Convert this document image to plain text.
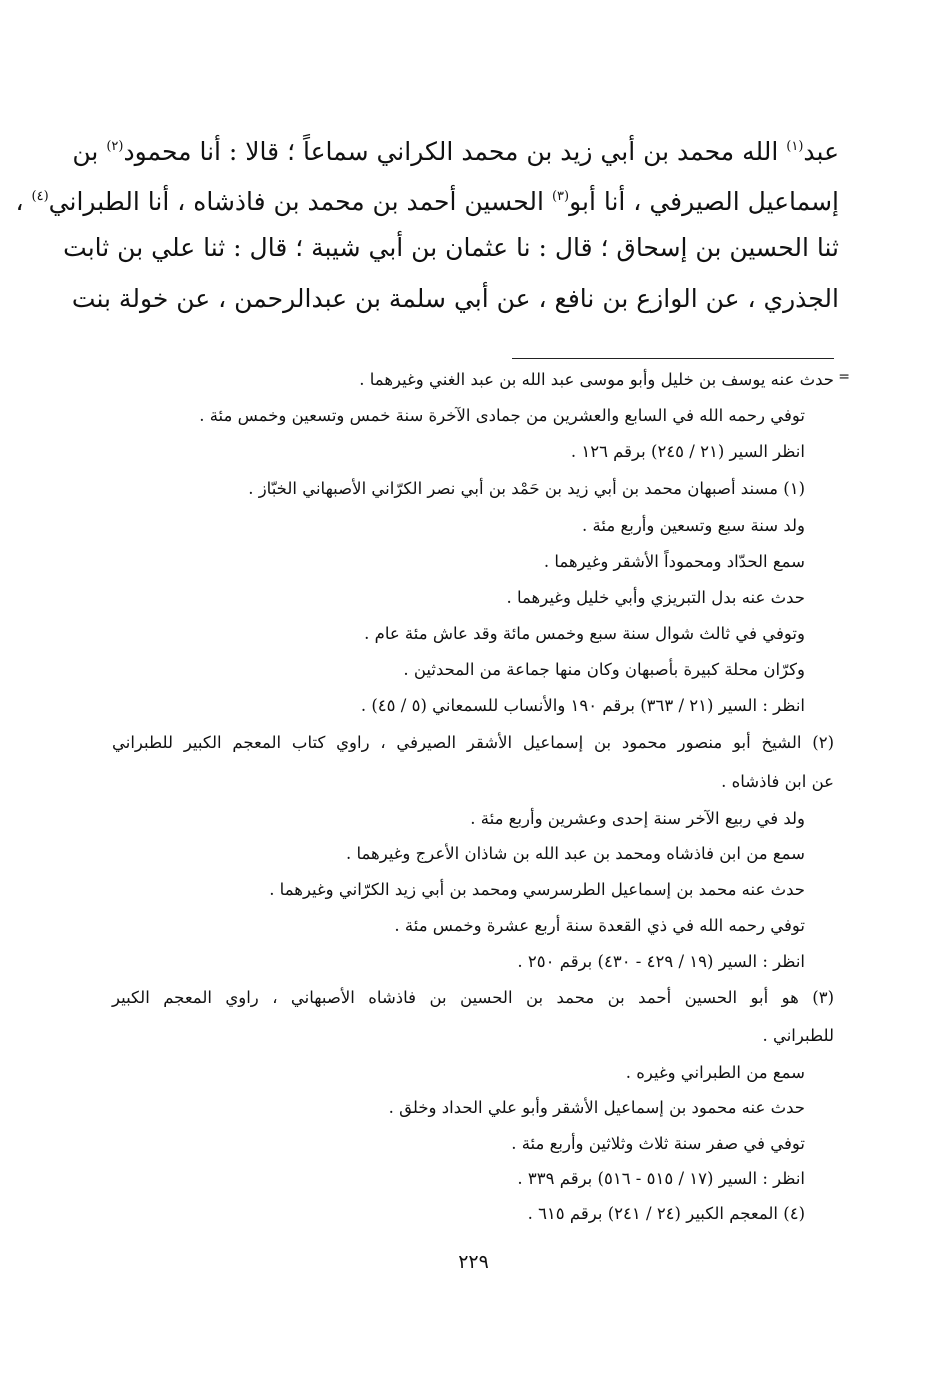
عبد$^{(١)}$ الله محمد بن أبي زيد بن محمد الكراني سماعاً ؛ قالا : أنا محمود$^{(٢)}$ بن
إسماعيل الصيرفي ، أنا أبو$^{(٣)}$ الحسين أحمد بن محمد بن فاذشاه ، أنا الطبراني$^{(٤)}$ ،
ثنا الحسين بن إسحاق ؛ قال : نا عثمان بن أبي شيبة ؛ قال : ثنا علي بن ثابت
الجذري ، عن الوازع بن نافع ، عن أبي سلمة بن عبدالرحمن ، عن خولة بنت
=
حدث عنه يوسف بن خليل وأبو موسى عبد الله بن عبد الغني وغيرهما .
توفي رحمه الله في السابع والعشرين من جمادى الآخرة سنة خمس وتسعين وخمس مئة .
انظر السير (٢١ / ٢٤٥) برقم ١٢٦ .
(١) مسند أصبهان محمد بن أبي زيد بن حَمْد بن أبي نصر الكرّاني الأصبهاني الخبّاز .
ولد سنة سبع وتسعين وأربع مئة .
سمع الحدّاد ومحموداً الأشقر وغيرهما .
حدث عنه بدل التبريزي وأبي خليل وغيرهما .
وتوفي في ثالث شوال سنة سبع وخمس مائة وقد عاش مئة عام .
وكرّان محلة كبيرة بأصبهان وكان منها جماعة من المحدثين .
انظر : السير (٢١ / ٣٦٣) برقم ١٩٠ والأنساب للسمعاني (٥ / ٤٥) .
(٢) الشيخ أبو منصور محمود بن إسماعيل الأشقر الصيرفي ، راوي كتاب المعجم الكبير للطبراني
عن ابن فاذشاه .
ولد في ربيع الآخر سنة إحدى وعشرين وأربع مئة .
سمع من ابن فاذشاه ومحمد بن عبد الله بن شاذان الأعرج وغيرهما .
حدث عنه محمد بن إسماعيل الطرسرسي ومحمد بن أبي زيد الكرّاني وغيرهما .
توفي رحمه الله في ذي القعدة سنة أربع عشرة وخمس مئة .
انظر : السير (١٩ / ٤٢٩ - ٤٣٠) برقم ٢٥٠ .
(٣) هو أبو الحسين أحمد بن محمد بن الحسين بن فاذشاه الأصبهاني ، راوي المعجم الكبير
للطبراني .
سمع من الطبراني وغيره .
حدث عنه محمود بن إسماعيل الأشقر وأبو علي الحداد وخلق .
توفي في صفر سنة ثلاث وثلاثين وأربع مئة .
انظر : السير (١٧ / ٥١٥ - ٥١٦) برقم ٣٣٩ .
(٤) المعجم الكبير (٢٤ / ٢٤١) برقم ٦١٥ .
٢٢٩
